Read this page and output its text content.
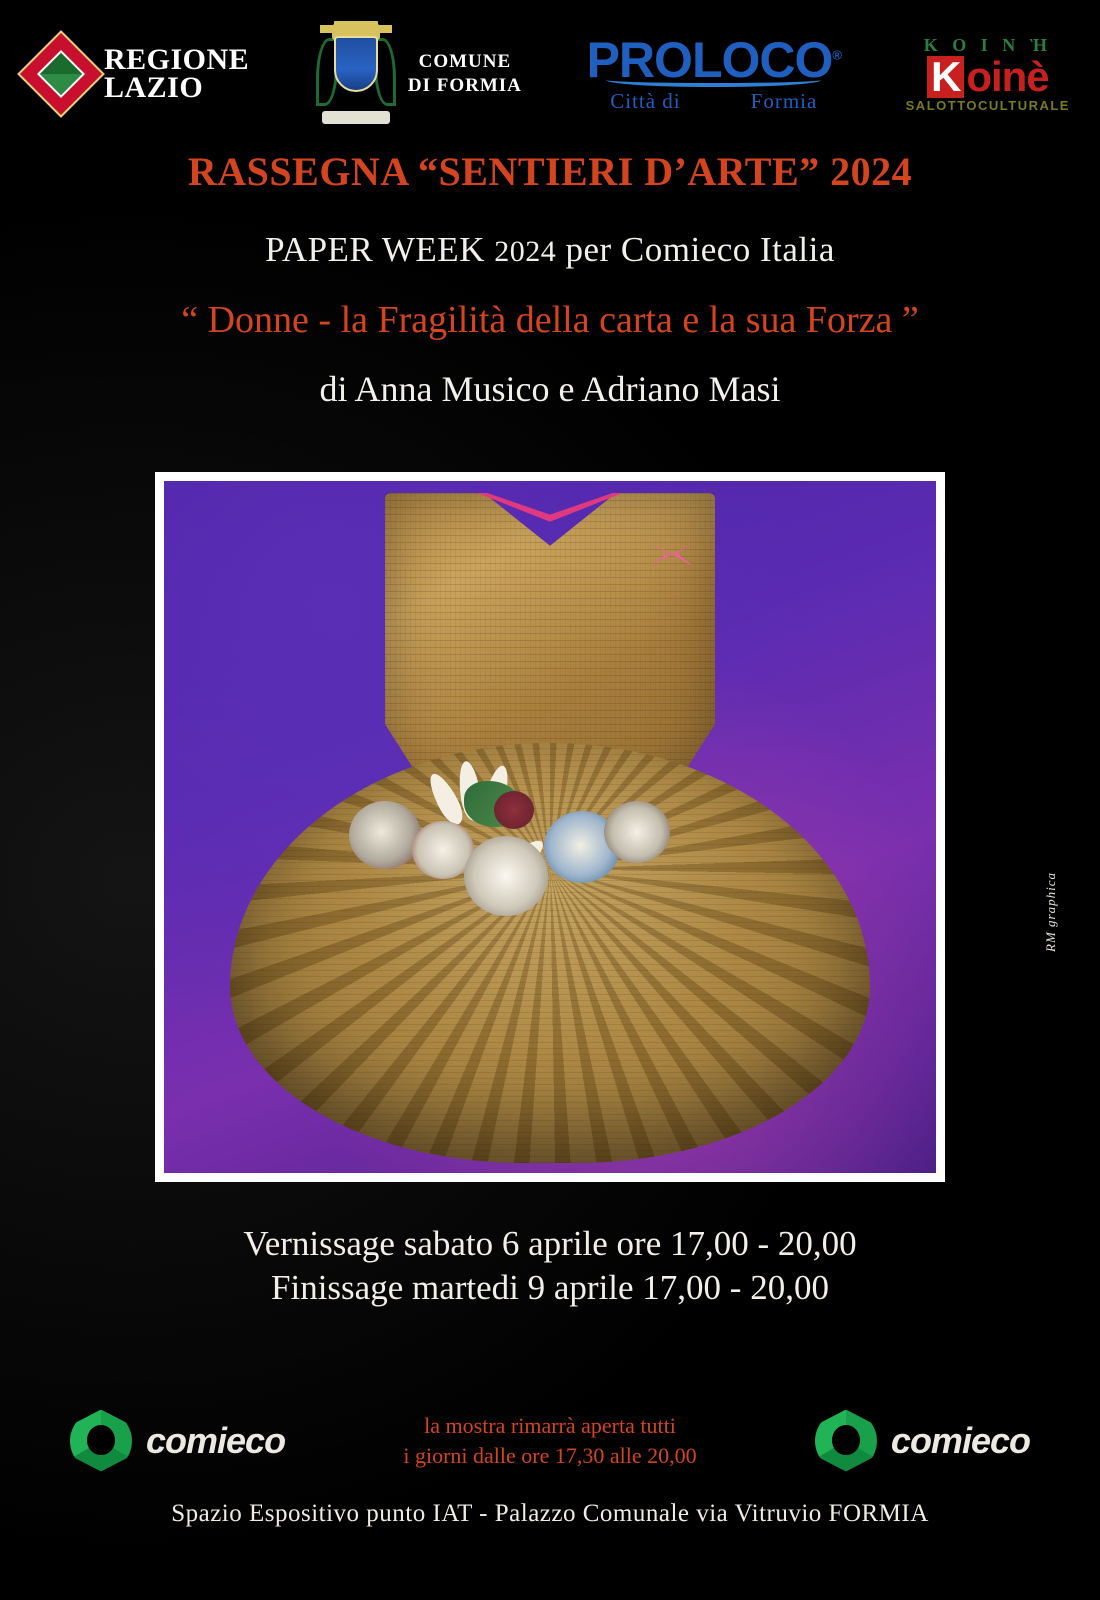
REGIONE
LAZIO
COMUNE
DI FORMIA PROLOCO®
Città di	Formia
Κ Ο Ι Ν Ὴ
K oinè
SALOTTOCULTURALE
RASSEGNA “SENTIERI D’ARTE” 2024
PAPER WEEK 2024 per Comieco Italia
“ Donne - la Fragilità della carta e la sua Forza ”
di Anna Musico e Adriano Masi
RM graphica
Vernissage sabato 6 aprile ore 17,00 - 20,00
Finissage martedi 9 aprile 17,00 - 20,00
comieco	la mostra rimarrà aperta tutti
i giorni dalle ore 17,30 alle 20,00	comieco
Spazio Espositivo punto IAT - Palazzo Comunale via Vitruvio FORMIA
